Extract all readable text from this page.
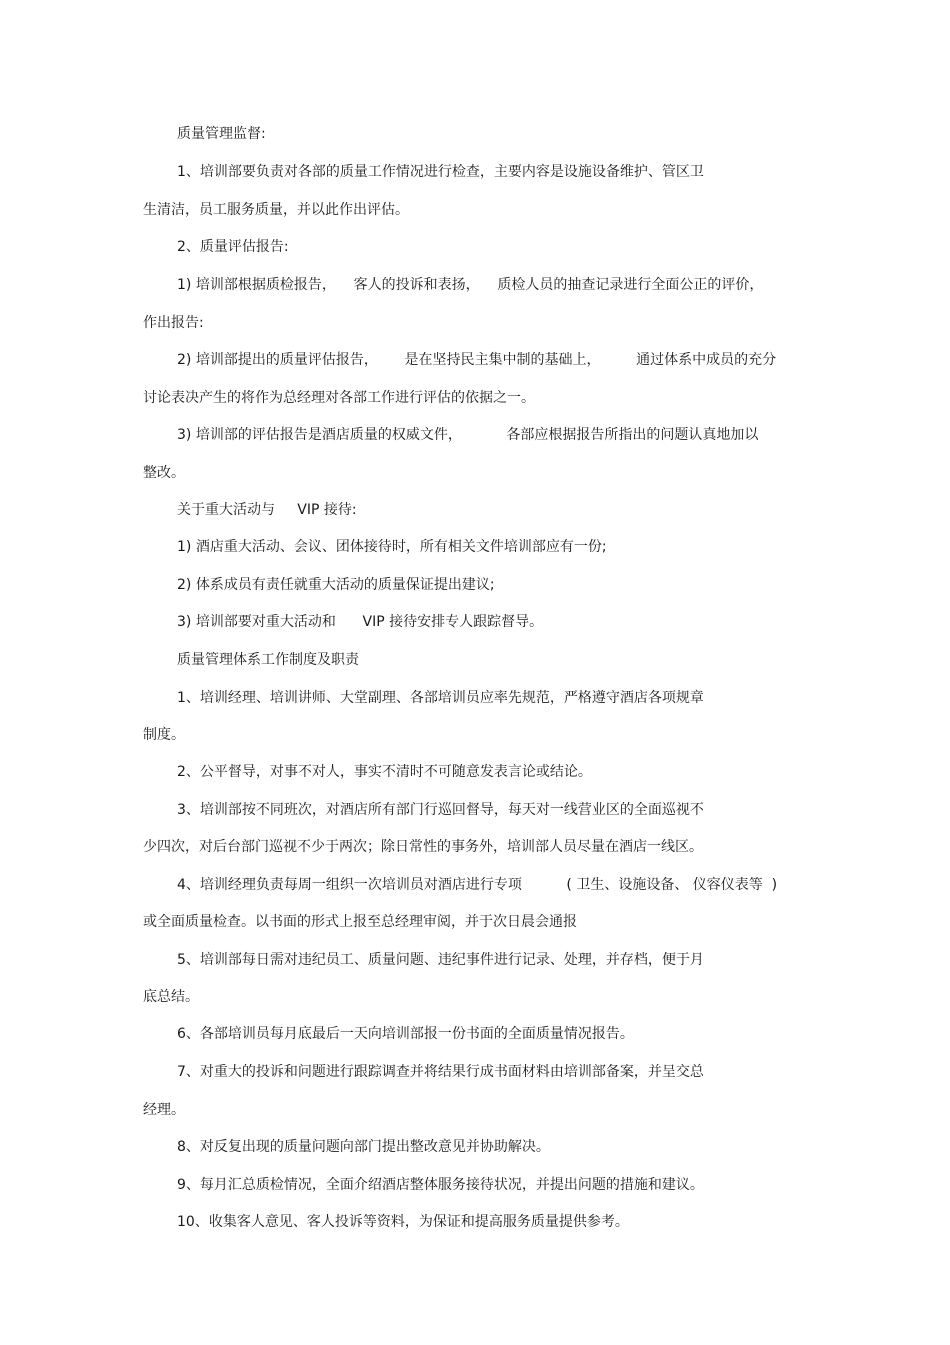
质量管理监督:
1、培训部要负责对各部的质量工作情况进行检查，主要内容是设施设备维护、管区卫
生清洁，员工服务质量，并以此作出评估。
2、质量评估报告:
1) 培训部根据质检报告，    客人的投诉和表扬，    质检人员的抽查记录进行全面公正的评价，
作出报告:
2) 培训部提出的质量评估报告，      是在坚持民主集中制的基础上，        通过体系中成员的充分
讨论表决产生的将作为总经理对各部工作进行评估的依据之一。
3) 培训部的评估报告是酒店质量的权威文件，          各部应根据报告所指出的问题认真地加以
整改。
关于重大活动与     VIP 接待:
1) 酒店重大活动、会议、团体接待时，所有相关文件培训部应有一份;
2) 体系成员有责任就重大活动的质量保证提出建议;
3) 培训部要对重大活动和      VIP 接待安排专人跟踪督导。
质量管理体系工作制度及职责
1、培训经理、培训讲师、大堂副理、各部培训员应率先规范，严格遵守酒店各项规章
制度。
2、公平督导，对事不对人，事实不清时不可随意发表言论或结论。
3、培训部按不同班次，对酒店所有部门行巡回督导，每天对一线营业区的全面巡视不
少四次，对后台部门巡视不少于两次；除日常性的事务外，培训部人员尽量在酒店一线区。
4、培训经理负责每周一组织一次培训员对酒店进行专项          ( 卫生、设施设备、 仪容仪表等  )
或全面质量检查。以书面的形式上报至总经理审阅，并于次日晨会通报
5、培训部每日需对违纪员工、质量问题、违纪事件进行记录、处理，并存档，便于月
底总结。
6、各部培训员每月底最后一天向培训部报一份书面的全面质量情况报告。
7、对重大的投诉和问题进行跟踪调查并将结果行成书面材料由培训部备案，并呈交总
经理。
8、对反复出现的质量问题向部门提出整改意见并协助解决。
9、每月汇总质检情况，全面介绍酒店整体服务接待状况，并提出问题的措施和建议。
10、收集客人意见、客人投诉等资料，为保证和提高服务质量提供参考。
